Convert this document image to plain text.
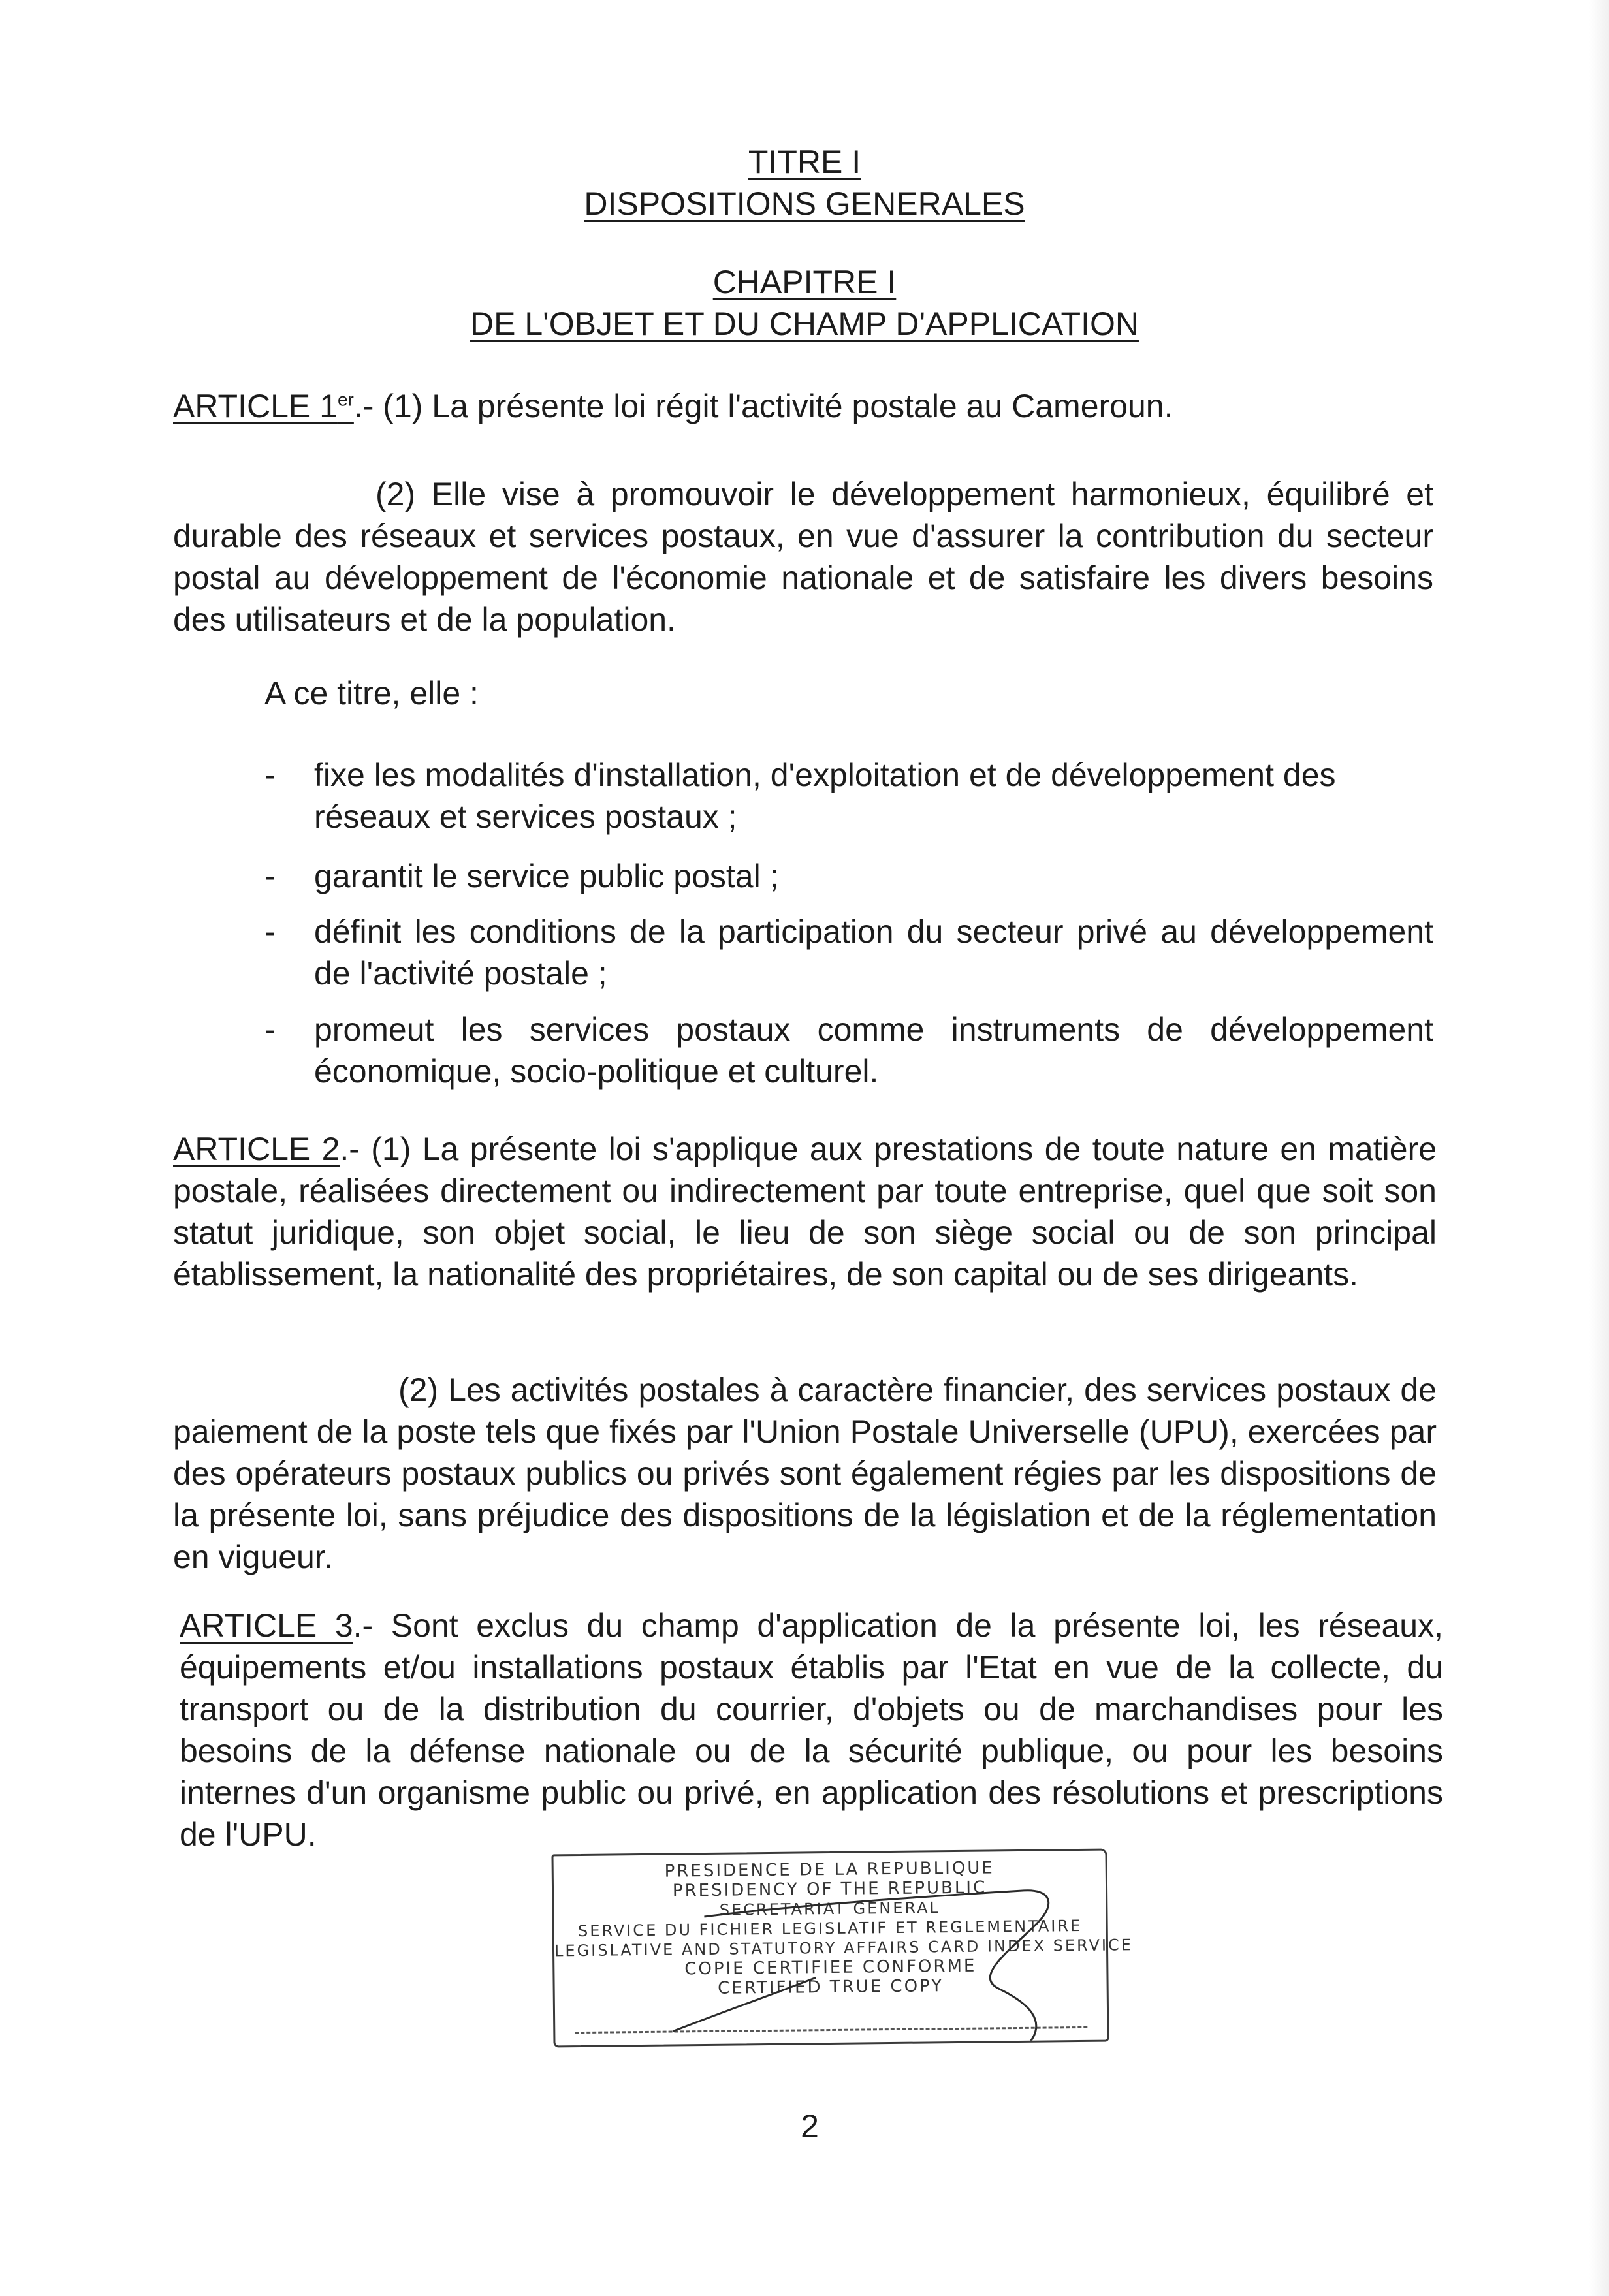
TITRE I
DISPOSITIONS GENERALES
CHAPITRE I
DE L'OBJET ET DU CHAMP D'APPLICATION
ARTICLE 1er.- (1) La présente loi régit l'activité postale au Cameroun.
(2) Elle vise à promouvoir le développement harmonieux, équilibré et durable des réseaux et services postaux, en vue d'assurer la contribution du secteur postal au développement de l'économie nationale et de satisfaire les divers besoins des utilisateurs et de la population.
A ce titre, elle :
- fixe les modalités d'installation, d'exploitation et de développement des réseaux et services postaux ;
- garantit le service public postal ;
- définit les conditions de la participation du secteur privé au développement de l'activité postale ;
- promeut les services postaux comme instruments de développement économique, socio-politique et culturel.
ARTICLE 2.- (1) La présente loi s'applique aux prestations de toute nature en matière postale, réalisées directement ou indirectement par toute entreprise, quel que soit son statut juridique, son objet social, le lieu de son siège social ou de son principal établissement, la nationalité des propriétaires, de son capital ou de ses dirigeants.
(2) Les activités postales à caractère financier, des services postaux de paiement de la poste tels que fixés par l'Union Postale Universelle (UPU), exercées par des opérateurs postaux publics ou privés sont également régies par les dispositions de la présente loi, sans préjudice des dispositions de la législation et de la réglementation en vigueur.
ARTICLE 3.- Sont exclus du champ d'application de la présente loi, les réseaux, équipements et/ou installations postaux établis par l'Etat en vue de la collecte, du transport ou de la distribution du courrier, d'objets ou de marchandises pour les besoins de la défense nationale ou de la sécurité publique, ou pour les besoins internes d'un organisme public ou privé, en application des résolutions et prescriptions de l'UPU.
PRESIDENCE DE LA REPUBLIQUE
PRESIDENCY OF THE REPUBLIC
SECRETARIAT GENERAL
SERVICE DU FICHIER LEGISLATIF ET REGLEMENTAIRE
LEGISLATIVE AND STATUTORY AFFAIRS CARD INDEX SERVICE
COPIE CERTIFIEE CONFORME
CERTIFIED TRUE COPY
2
